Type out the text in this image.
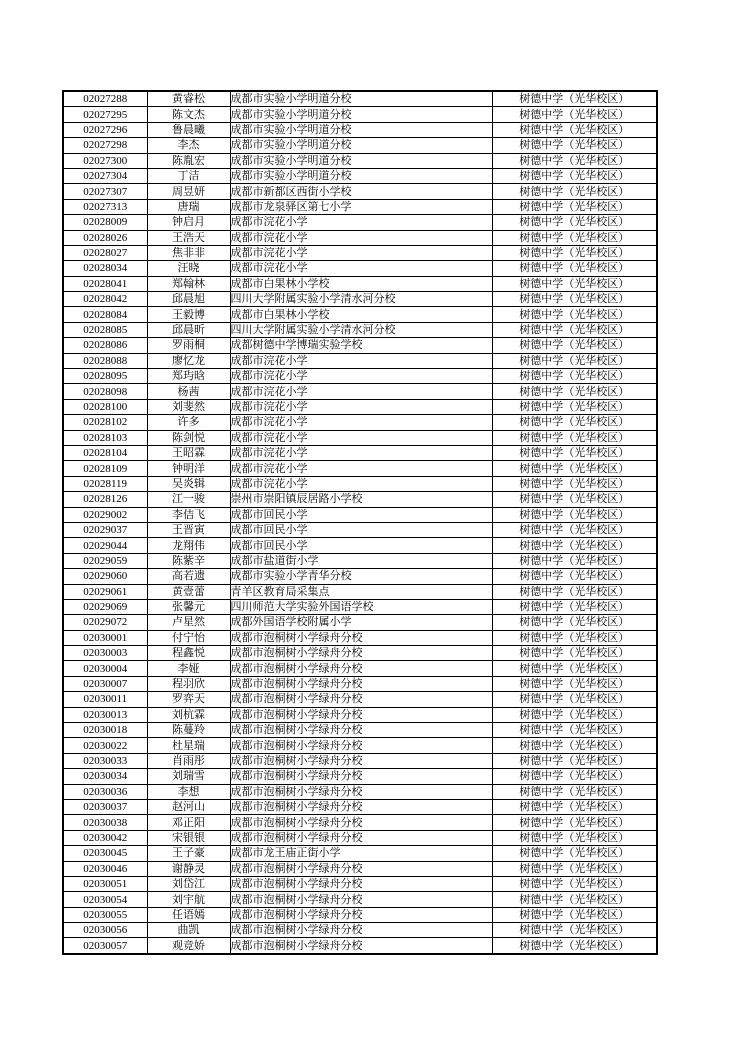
02027288	黄睿松	成都市实验小学明道分校	树德中学（光华校区）
02027295	陈文杰	成都市实验小学明道分校	树德中学（光华校区）
02027296	鲁晨曦	成都市实验小学明道分校	树德中学（光华校区）
02027298	李杰	成都市实验小学明道分校	树德中学（光华校区）
02027300	陈胤宏	成都市实验小学明道分校	树德中学（光华校区）
02027304	丁洁	成都市实验小学明道分校	树德中学（光华校区）
02027307	周昱妍	成都市新都区西街小学校	树德中学（光华校区）
02027313	唐瑞	成都市龙泉驿区第七小学	树德中学（光华校区）
02028009	钟启月	成都市浣花小学	树德中学（光华校区）
02028026	王浩天	成都市浣花小学	树德中学（光华校区）
02028027	焦非非	成都市浣花小学	树德中学（光华校区）
02028034	汪晓	成都市浣花小学	树德中学（光华校区）
02028041	郑翰林	成都市白果林小学校	树德中学（光华校区）
02028042	邱晨旭	四川大学附属实验小学清水河分校	树德中学（光华校区）
02028084	王毅博	成都市白果林小学校	树德中学（光华校区）
02028085	邱晨昕	四川大学附属实验小学清水河分校	树德中学（光华校区）
02028086	罗雨桐	成都树德中学博瑞实验学校	树德中学（光华校区）
02028088	廖忆龙	成都市浣花小学	树德中学（光华校区）
02028095	郑玙晗	成都市浣花小学	树德中学（光华校区）
02028098	杨茜	成都市浣花小学	树德中学（光华校区）
02028100	刘斐然	成都市浣花小学	树德中学（光华校区）
02028102	许多	成都市浣花小学	树德中学（光华校区）
02028103	陈剑悦	成都市浣花小学	树德中学（光华校区）
02028104	王昭霖	成都市浣花小学	树德中学（光华校区）
02028109	钟明洋	成都市浣花小学	树德中学（光华校区）
02028119	吴炎辑	成都市浣花小学	树德中学（光华校区）
02028126	江一骏	崇州市崇阳镇辰居路小学校	树德中学（光华校区）
02029002	李佶飞	成都市回民小学	树德中学（光华校区）
02029037	王晋寅	成都市回民小学	树德中学（光华校区）
02029044	龙翔伟	成都市回民小学	树德中学（光华校区）
02029059	陈紫辛	成都市盐道街小学	树德中学（光华校区）
02029060	高若遗	成都市实验小学青华分校	树德中学（光华校区）
02029061	黄壹蕾	青羊区教育局采集点	树德中学（光华校区）
02029069	张馨元	四川师范大学实验外国语学校	树德中学（光华校区）
02029072	卢星然	成都外国语学校附属小学	树德中学（光华校区）
02030001	付宁怡	成都市泡桐树小学绿舟分校	树德中学（光华校区）
02030003	程鑫悦	成都市泡桐树小学绿舟分校	树德中学（光华校区）
02030004	李娅	成都市泡桐树小学绿舟分校	树德中学（光华校区）
02030007	程羽欣	成都市泡桐树小学绿舟分校	树德中学（光华校区）
02030011	罗弈天	成都市泡桐树小学绿舟分校	树德中学（光华校区）
02030013	刘杭霖	成都市泡桐树小学绿舟分校	树德中学（光华校区）
02030018	陈蔓羚	成都市泡桐树小学绿舟分校	树德中学（光华校区）
02030022	杜星瑞	成都市泡桐树小学绿舟分校	树德中学（光华校区）
02030033	肖雨彤	成都市泡桐树小学绿舟分校	树德中学（光华校区）
02030034	刘瑞雪	成都市泡桐树小学绿舟分校	树德中学（光华校区）
02030036	李想	成都市泡桐树小学绿舟分校	树德中学（光华校区）
02030037	赵河山	成都市泡桐树小学绿舟分校	树德中学（光华校区）
02030038	邓正阳	成都市泡桐树小学绿舟分校	树德中学（光华校区）
02030042	宋银银	成都市泡桐树小学绿舟分校	树德中学（光华校区）
02030045	王子豪	成都市龙王庙正街小学	树德中学（光华校区）
02030046	谢静灵	成都市泡桐树小学绿舟分校	树德中学（光华校区）
02030051	刘岱江	成都市泡桐树小学绿舟分校	树德中学（光华校区）
02030054	刘宇航	成都市泡桐树小学绿舟分校	树德中学（光华校区）
02030055	任语嫣	成都市泡桐树小学绿舟分校	树德中学（光华校区）
02030056	曲凯	成都市泡桐树小学绿舟分校	树德中学（光华校区）
02030057	观竞娇	成都市泡桐树小学绿舟分校	树德中学（光华校区）
